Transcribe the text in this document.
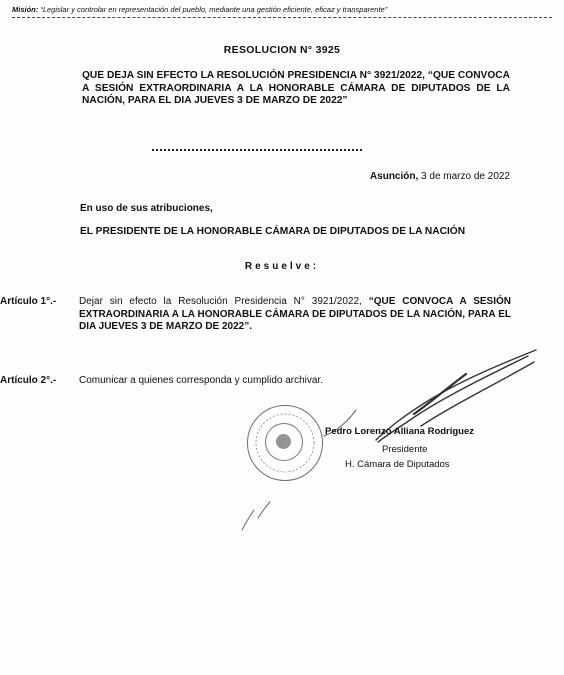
Misión: “Legislar y controlar en representación del pueblo, mediante una gestión eficiente, eficaz y transparente”
RESOLUCION N° 3925
QUE DEJA SIN EFECTO LA RESOLUCIÓN PRESIDENCIA N° 3921/2022, “QUE CONVOCA A SESIÓN EXTRAORDINARIA A LA HONORABLE CÁMARA DE DIPUTADOS DE LA NACIÓN, PARA EL DIA JUEVES 3 DE MARZO DE 2022”
Asunción, 3 de marzo de 2022
En uso de sus atribuciones,
EL PRESIDENTE DE LA HONORABLE CÁMARA DE DIPUTADOS DE LA NACIÓN
Resuelve:
Artículo 1°.- Dejar sin efecto la Resolución Presidencia N° 3921/2022, “QUE CONVOCA A SESIÓN EXTRAORDINARIA A LA HONORABLE CÁMARA DE DIPUTADOS DE LA NACIÓN, PARA EL DIA JUEVES 3 DE MARZO DE 2022”.
Artículo 2°.- Comunicar a quienes corresponda y cumplido archivar.
Pedro Lorenzo Alliana Rodriguez
Presidente
H. Cámara de Diputados
